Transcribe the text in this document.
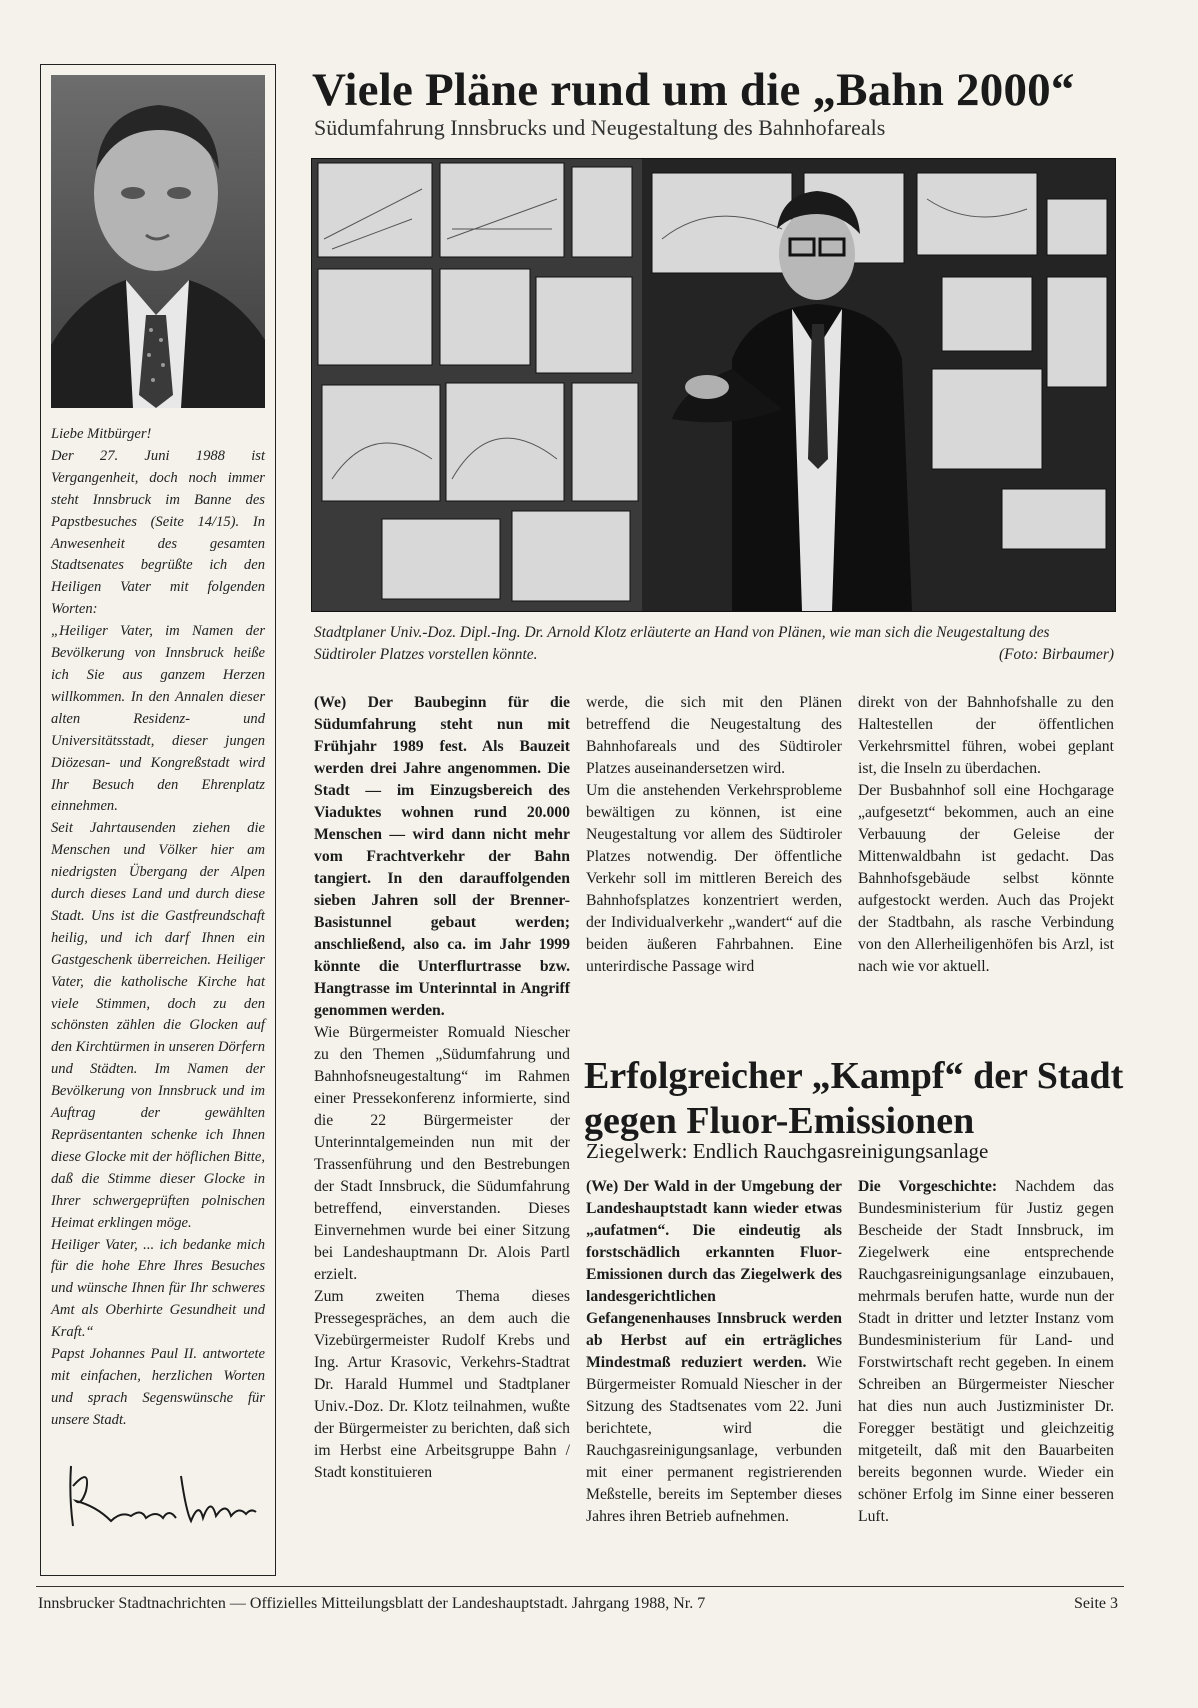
Liebe Mitbürger!

Der 27. Juni 1988 ist Vergangenheit, doch noch immer steht Innsbruck im Banne des Papstbesuches (Seite 14/15). In Anwesenheit des gesamten Stadtsenates begrüßte ich den Heiligen Vater mit folgenden Worten:

„Heiliger Vater, im Namen der Bevölkerung von Innsbruck heiße ich Sie aus ganzem Herzen willkommen. In den Annalen dieser alten Residenz- und Universitätsstadt, dieser jungen Diözesan- und Kongreßstadt wird Ihr Besuch den Ehrenplatz einnehmen.

Seit Jahrtausenden ziehen die Menschen und Völker hier am niedrigsten Übergang der Alpen durch dieses Land und durch diese Stadt. Uns ist die Gastfreundschaft heilig, und ich darf Ihnen ein Gastgeschenk überreichen. Heiliger Vater, die katholische Kirche hat viele Stimmen, doch zu den schönsten zählen die Glocken auf den Kirchtürmen in unseren Dörfern und Städten. Im Namen der Bevölkerung von Innsbruck und im Auftrag der gewählten Repräsentanten schenke ich Ihnen diese Glocke mit der höflichen Bitte, daß die Stimme dieser Glocke in Ihrer schwergeprüften polnischen Heimat erklingen möge.

Heiliger Vater, ... ich bedanke mich für die hohe Ehre Ihres Besuches und wünsche Ihnen für Ihr schweres Amt als Oberhirte Gesundheit und Kraft.“

Papst Johannes Paul II. antwortete mit einfachen, herzlichen Worten und sprach Segenswünsche für unsere Stadt.

Viele Pläne rund um die „Bahn 2000“

Südumfahrung Innsbrucks und Neugestaltung des Bahnhofareals

Stadtplaner Univ.-Doz. Dipl.-Ing. Dr. Arnold Klotz erläuterte an Hand von Plänen, wie man sich die Neugestaltung des Südtiroler Platzes vorstellen könnte.	(Foto: Birbaumer)

(We) Der Baubeginn für die Südumfahrung steht nun mit Frühjahr 1989 fest. Als Bauzeit werden drei Jahre angenommen. Die Stadt — im Einzugsbereich des Viaduktes wohnen rund 20.000 Menschen — wird dann nicht mehr vom Frachtverkehr der Bahn tangiert. In den darauffolgenden sieben Jahren soll der Brenner-Basistunnel gebaut werden; anschließend, also ca. im Jahr 1999 könnte die Unterflurtrasse bzw. Hangtrasse im Unterinntal in Angriff genommen werden.

Wie Bürgermeister Romuald Niescher zu den Themen „Südumfahrung und Bahnhofsneugestaltung“ im Rahmen einer Pressekonferenz informierte, sind die 22 Bürgermeister der Unterinntalgemeinden nun mit der Trassenführung und den Bestrebungen der Stadt Innsbruck, die Südumfahrung betreffend, einverstanden. Dieses Einvernehmen wurde bei einer Sitzung bei Landeshauptmann Dr. Alois Partl erzielt.

Zum zweiten Thema dieses Pressegespräches, an dem auch die Vizebürgermeister Rudolf Krebs und Ing. Artur Krasovic, Verkehrs-Stadtrat Dr. Harald Hummel und Stadtplaner Univ.-Doz. Dr. Klotz teilnahmen, wußte der Bürgermeister zu berichten, daß sich im Herbst eine Arbeitsgruppe Bahn / Stadt konstituieren

werde, die sich mit den Plänen betreffend die Neugestaltung des Bahnhofareals und des Südtiroler Platzes auseinandersetzen wird.

Um die anstehenden Verkehrsprobleme bewältigen zu können, ist eine Neugestaltung vor allem des Südtiroler Platzes notwendig. Der öffentliche Verkehr soll im mittleren Bereich des Bahnhofsplatzes konzentriert werden, der Individualverkehr „wandert“ auf die beiden äußeren Fahrbahnen. Eine unterirdische Passage wird

direkt von der Bahnhofshalle zu den Haltestellen der öffentlichen Verkehrsmittel führen, wobei geplant ist, die Inseln zu überdachen.

Der Busbahnhof soll eine Hochgarage „aufgesetzt“ bekommen, auch an eine Verbauung der Geleise der Mittenwaldbahn ist gedacht. Das Bahnhofsgebäude selbst könnte aufgestockt werden. Auch das Projekt der Stadtbahn, als rasche Verbindung von den Allerheiligenhöfen bis Arzl, ist nach wie vor aktuell.

Erfolgreicher „Kampf“ der Stadt gegen Fluor-Emissionen

Ziegelwerk: Endlich Rauchgasreinigungsanlage

(We) Der Wald in der Umgebung der Landeshauptstadt kann wieder etwas „aufatmen“. Die eindeutig als forstschädlich erkannten Fluor-Emissionen durch das Ziegelwerk des landesgerichtlichen Gefangenenhauses Innsbruck werden ab Herbst auf ein erträgliches Mindestmaß reduziert werden. Wie Bürgermeister Romuald Niescher in der Sitzung des Stadtsenates vom 22. Juni berichtete, wird die Rauchgasreinigungsanlage, verbunden mit einer permanent registrierenden Meßstelle, bereits im September dieses Jahres ihren Betrieb aufnehmen.

Die Vorgeschichte: Nachdem das Bundesministerium für Justiz gegen Bescheide der Stadt Innsbruck, im Ziegelwerk eine entsprechende Rauchgasreinigungsanlage einzubauen, mehrmals berufen hatte, wurde nun der Stadt in dritter und letzter Instanz vom Bundesministerium für Land- und Forstwirtschaft recht gegeben. In einem Schreiben an Bürgermeister Niescher hat dies nun auch Justizminister Dr. Foregger bestätigt und gleichzeitig mitgeteilt, daß mit den Bauarbeiten bereits begonnen wurde. Wieder ein schöner Erfolg im Sinne einer besseren Luft.

Innsbrucker Stadtnachrichten — Offizielles Mitteilungsblatt der Landeshauptstadt. Jahrgang 1988, Nr. 7	Seite 3
